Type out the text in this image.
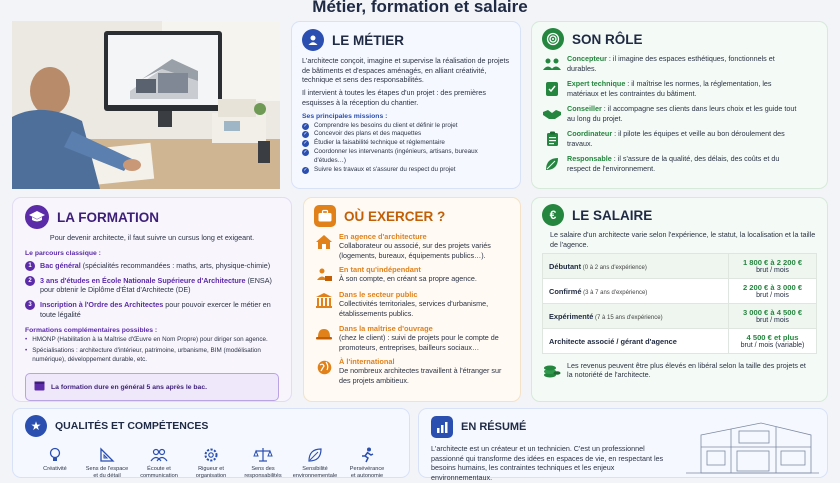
Métier, formation et salaire
LE MÉTIER
L'architecte conçoit, imagine et supervise la réalisation de projets de bâtiments et d'espaces aménagés, en alliant créativité, technique et sens des responsabilités.
Il intervient à toutes les étapes d'un projet : des premières esquisses à la réception du chantier.
Ses principales missions :
✓ Comprendre les besoins du client et définir le projet
✓ Concevoir des plans et des maquettes
✓ Étudier la faisabilité technique et réglementaire
✓ Coordonner les intervenants (ingénieurs, artisans, bureaux d'études…)
✓ Suivre les travaux et s'assurer du respect du projet
SON RÔLE
Concepteur : il imagine des espaces esthétiques, fonctionnels et durables.
Expert technique : il maîtrise les normes, la réglementation, les matériaux et les contraintes du bâtiment.
Conseiller : il accompagne ses clients dans leurs choix et les guide tout au long du projet.
Coordinateur : il pilote les équipes et veille au bon déroulement des travaux.
Responsable : il s'assure de la qualité, des délais, des coûts et du respect de l'environnement.
LA FORMATION
Pour devenir architecte, il faut suivre un cursus long et exigeant.
Le parcours classique :
1	Bac général (spécialités recommandées : maths, arts, physique-chimie)
2	3 ans d'études en École Nationale Supérieure d'Architecture (ENSA) pour obtenir le Diplôme d'État d'Architecte (DE)
3	Inscription à l'Ordre des Architectes pour pouvoir exercer le métier en toute légalité
Formations complémentaires possibles :
• HMONP (Habilitation à la Maîtrise d'Œuvre en Nom Propre) pour diriger son agence.
• Spécialisations : architecture d'intérieur, patrimoine, urbanisme, BIM (modélisation numérique), développement durable, etc.
La formation dure en général 5 ans après le bac.
OÙ EXERCER ?
En agence d'architecture
Collaborateur ou associé, sur des projets variés (logements, bureaux, équipements publics…).
En tant qu'indépendant
À son compte, en créant sa propre agence.
Dans le secteur public
Collectivités territoriales, services d'urbanisme, établissements publics.
Dans la maîtrise d'ouvrage
(chez le client) : suivi de projets pour le compte de promoteurs, entreprises, bailleurs sociaux…
À l'international
De nombreux architectes travaillent à l'étranger sur des projets ambitieux.
€	LE SALAIRE
Le salaire d'un architecte varie selon l'expérience, le statut, la localisation et la taille de l'agence.
Débutant (0 à 2 ans d'expérience)	1 800 € à 2 200 €
brut / mois
Confirmé (3 à 7 ans d'expérience)	2 200 € à 3 000 €
brut / mois
Expérimenté (7 à 15 ans d'expérience)	3 000 € à 4 500 €
brut / mois
Architecte associé / gérant d'agence	4 500 € et plus
brut / mois (variable)
Les revenus peuvent être plus élevés en libéral selon la taille des projets et la notoriété de l'architecte.
★	QUALITÉS ET COMPÉTENCES
Créativité	Sens de l'espace
et du détail
Écoute et
communication
Rigueur et
organisation
Sens des
responsabilités
Sensibilité
environnementale
Persévérance
et autonomie
EN RÉSUMÉ
L'architecte est un créateur et un technicien. C'est un professionnel passionné qui transforme des idées en espaces de vie, en respectant les besoins humains, les contraintes techniques et les enjeux environnementaux.
